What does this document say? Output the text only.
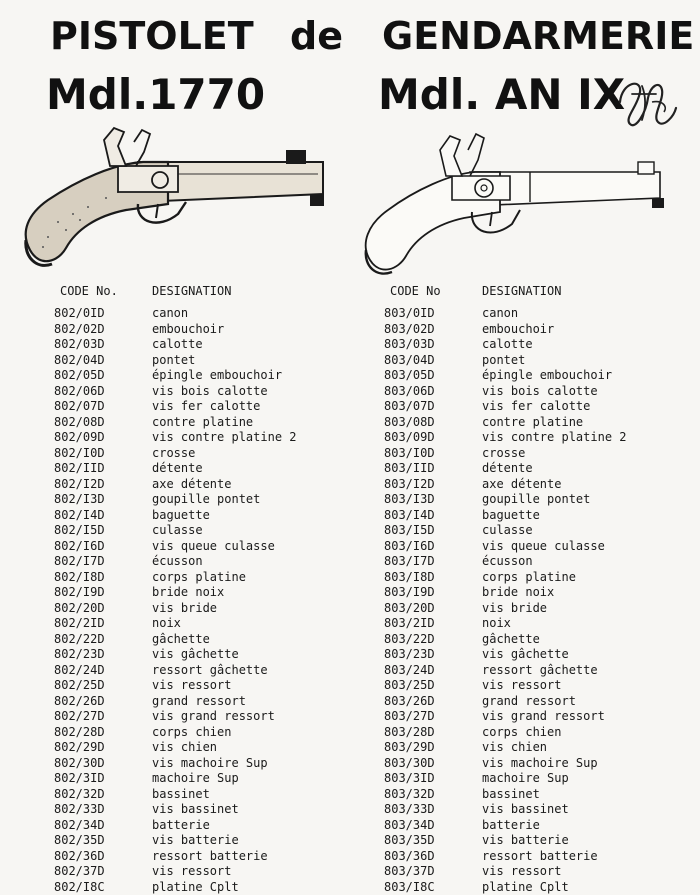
PISTOLET de GENDARMERIE
Mdl.1770	Mdl. AN IX
CODE No.	DESIGNATION
802/0ID	canon
802/02D	embouchoir
802/03D	calotte
802/04D	pontet
802/05D	épingle embouchoir
802/06D	vis bois calotte
802/07D	vis fer calotte
802/08D	contre platine
802/09D	vis contre platine 2
802/I0D	crosse
802/IID	détente
802/I2D	axe détente
802/I3D	goupille pontet
802/I4D	baguette
802/I5D	culasse
802/I6D	vis queue culasse
802/I7D	écusson
802/I8D	corps platine
802/I9D	bride noix
802/20D	vis bride
802/2ID	noix
802/22D	gâchette
802/23D	vis gâchette
802/24D	ressort gâchette
802/25D	vis ressort
802/26D	grand ressort
802/27D	vis grand ressort
802/28D	corps chien
802/29D	vis chien
802/30D	vis machoire Sup
802/3ID	machoire Sup
802/32D	bassinet
802/33D	vis bassinet
802/34D	batterie
802/35D	vis batterie
802/36D	ressort batterie
802/37D	vis ressort
802/I8C	platine Cplt
CODE No	DESIGNATION
803/0ID	canon
803/02D	embouchoir
803/03D	calotte
803/04D	pontet
803/05D	épingle embouchoir
803/06D	vis bois calotte
803/07D	vis fer calotte
803/08D	contre platine
803/09D	vis contre platine 2
803/I0D	crosse
803/IID	détente
803/I2D	axe détente
803/I3D	goupille pontet
803/I4D	baguette
803/I5D	culasse
803/I6D	vis queue culasse
803/I7D	écusson
803/I8D	corps platine
803/I9D	bride noix
803/20D	vis bride
803/2ID	noix
803/22D	gâchette
803/23D	vis gâchette
803/24D	ressort gâchette
803/25D	vis ressort
803/26D	grand ressort
803/27D	vis grand ressort
803/28D	corps chien
803/29D	vis chien
803/30D	vis machoire Sup
803/3ID	machoire Sup
803/32D	bassinet
803/33D	vis bassinet
803/34D	batterie
803/35D	vis batterie
803/36D	ressort batterie
803/37D	vis ressort
803/I8C	platine Cplt
